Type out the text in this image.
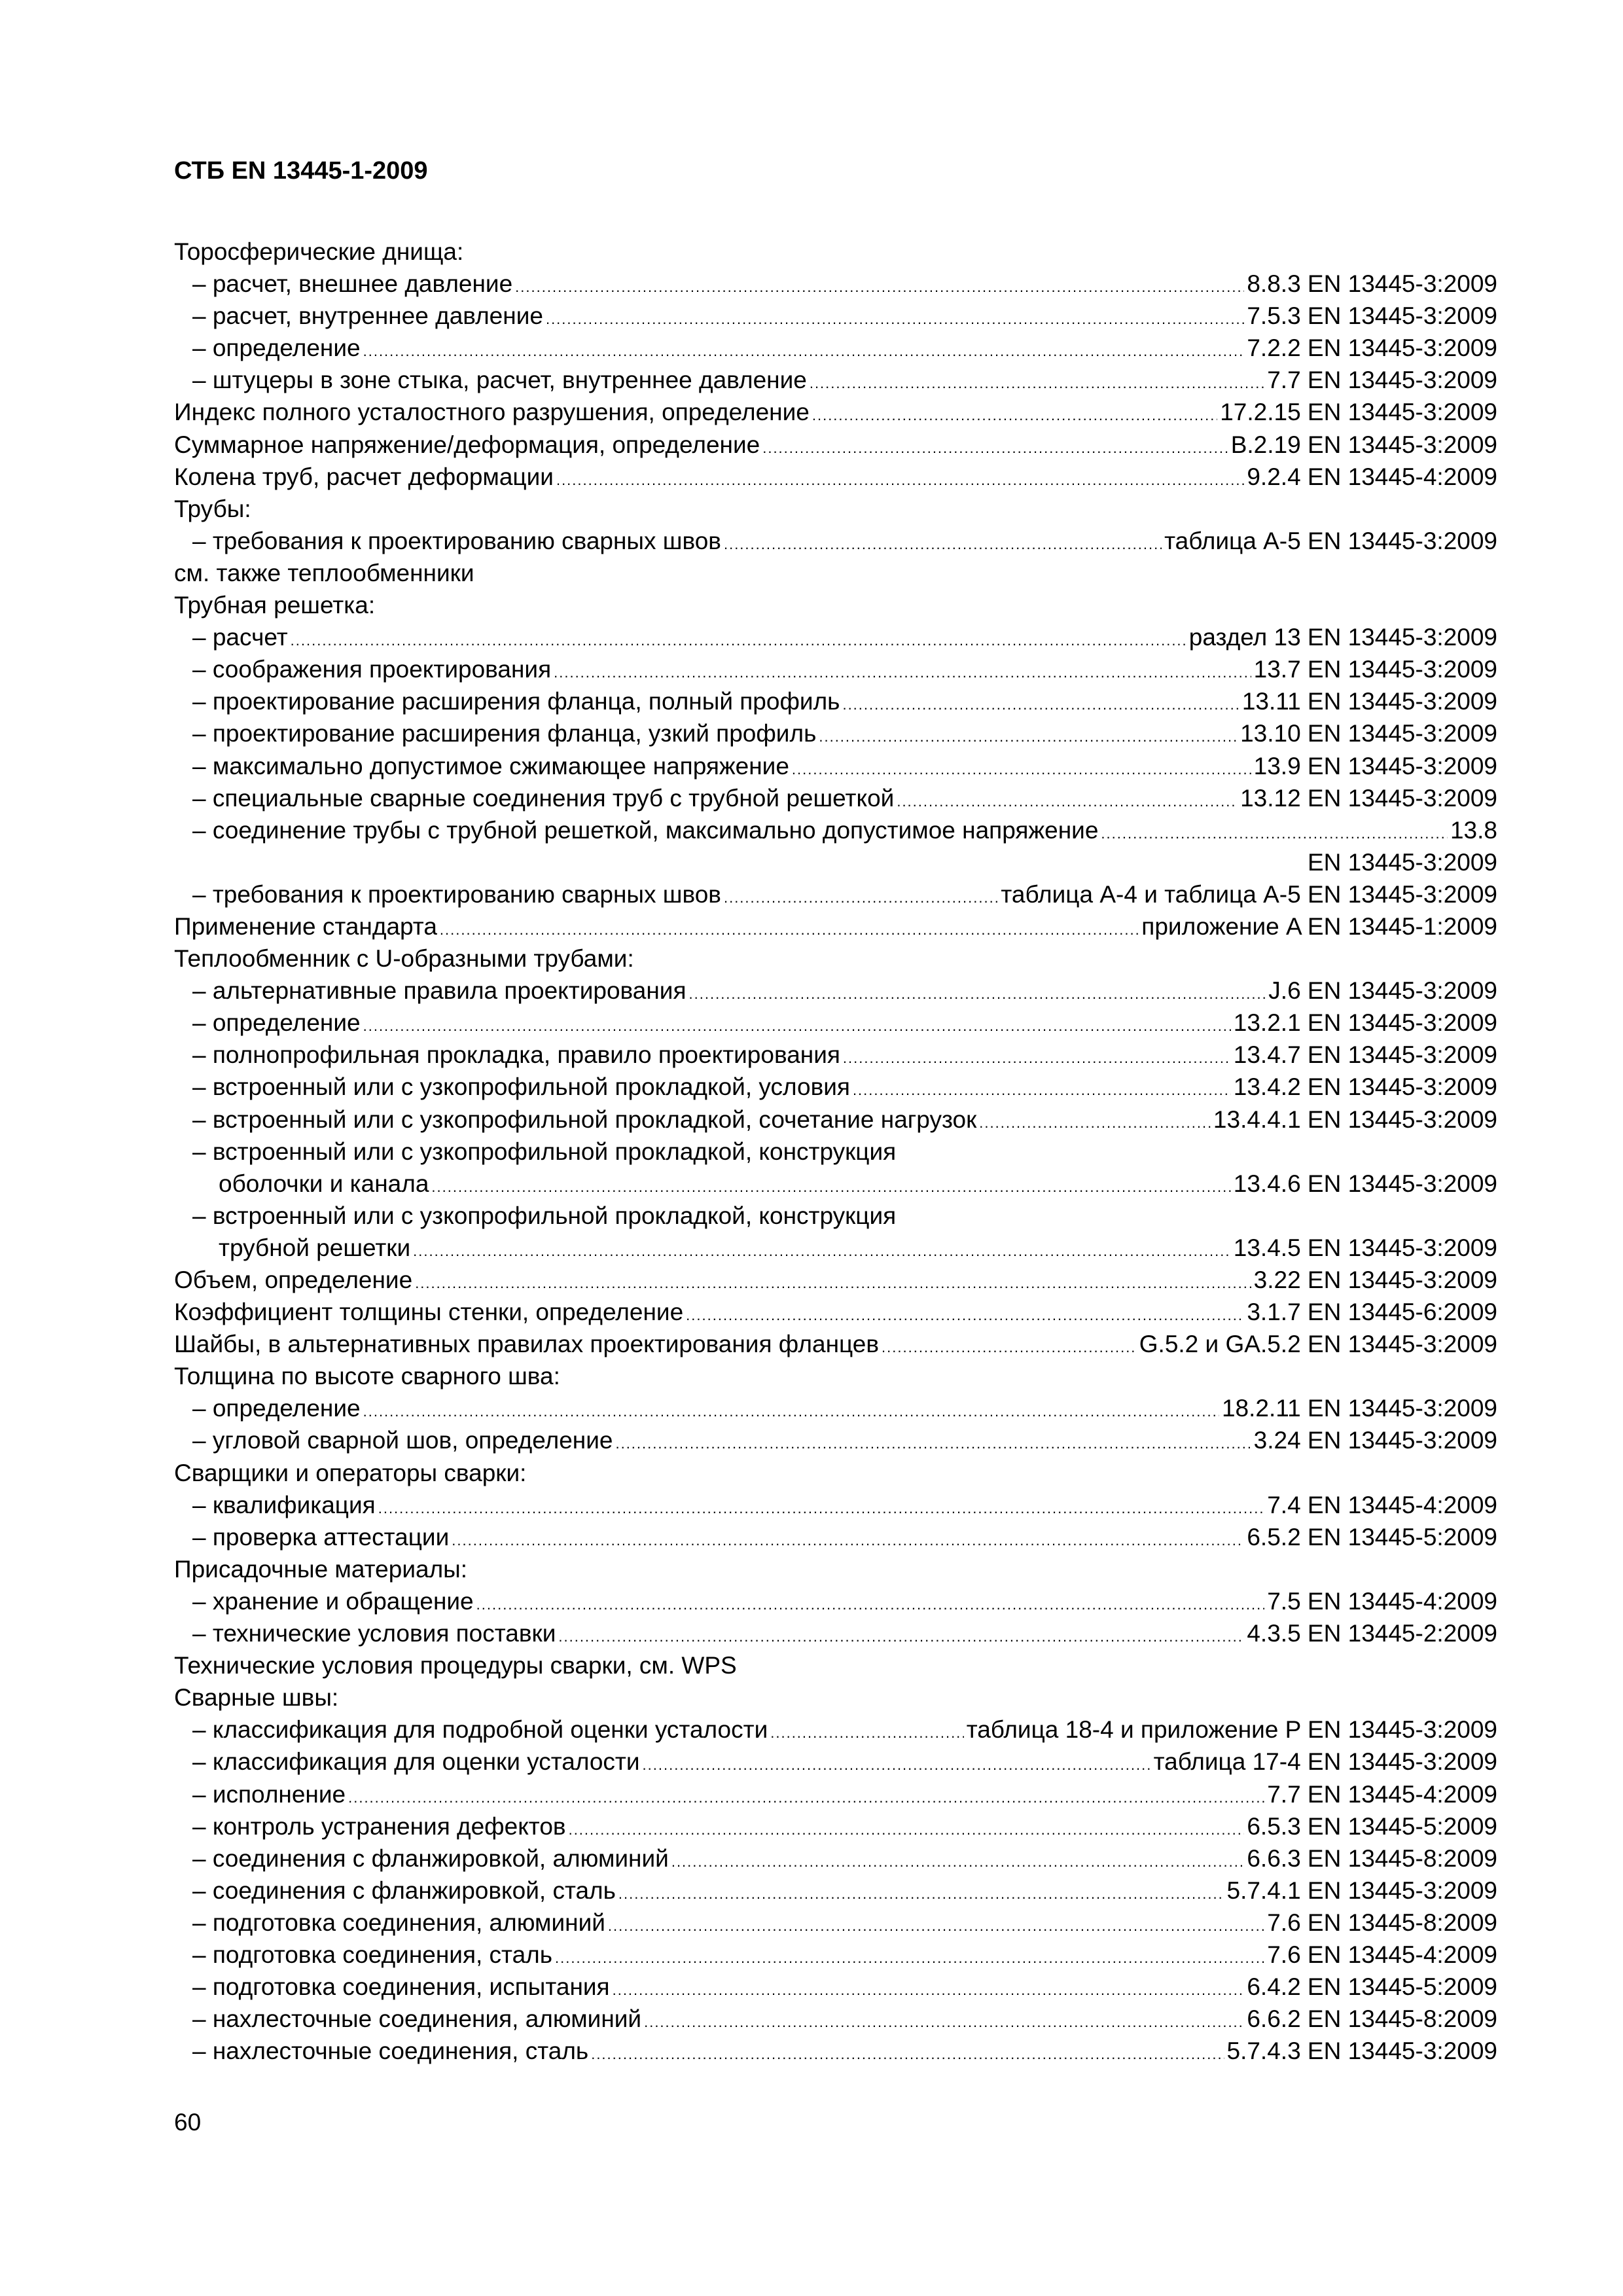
СТБ EN 13445-1-2009
Торосферические днища:
– расчет, внешнее давление .....	8.8.3 EN 13445-3:2009
– расчет, внутреннее давление .....	7.5.3 EN 13445-3:2009
– определение .....	7.2.2 EN 13445-3:2009
– штуцеры в зоне стыка, расчет, внутреннее давление .....	7.7 EN 13445-3:2009
Индекс полного усталостного разрушения, определение .....	17.2.15 EN 13445-3:2009
Суммарное напряжение/деформация, определение .....	B.2.19 EN 13445-3:2009
Колена труб, расчет деформации .....	9.2.4 EN 13445-4:2009
Трубы:
– требования к проектированию сварных швов .....	таблица A-5 EN 13445-3:2009
см. также теплообменники
Трубная решетка:
– расчет .....	раздел 13 EN 13445-3:2009
– соображения проектирования .....	13.7 EN 13445-3:2009
– проектирование расширения фланца, полный профиль .....	13.11 EN 13445-3:2009
– проектирование расширения фланца, узкий профиль .....	13.10 EN 13445-3:2009
– максимально допустимое сжимающее напряжение .....	13.9 EN 13445-3:2009
– специальные сварные соединения труб с трубной решеткой .....	13.12 EN 13445-3:2009
– соединение трубы с трубной решеткой, максимально допустимое напряжение .....	13.8
EN 13445-3:2009
– требования к проектированию сварных швов .....	таблица A-4 и таблица A-5 EN 13445-3:2009
Применение стандарта .....	приложение A EN 13445-1:2009
Теплообменник с U-образными трубами:
– альтернативные правила проектирования .....	J.6 EN 13445-3:2009
– определение .....	13.2.1 EN 13445-3:2009
– полнопрофильная прокладка, правило проектирования .....	13.4.7 EN 13445-3:2009
– встроенный или с узкопрофильной прокладкой, условия .....	13.4.2 EN 13445-3:2009
– встроенный или с узкопрофильной прокладкой, сочетание нагрузок .....	13.4.4.1 EN 13445-3:2009
– встроенный или с узкопрофильной прокладкой, конструкция
оболочки и канала .....	13.4.6 EN 13445-3:2009
– встроенный или с узкопрофильной прокладкой, конструкция
трубной решетки .....	13.4.5 EN 13445-3:2009
Объем, определение .....	3.22 EN 13445-3:2009
Коэффициент толщины стенки, определение .....	3.1.7 EN 13445-6:2009
Шайбы, в альтернативных правилах проектирования фланцев .....	G.5.2 и GA.5.2 EN 13445-3:2009
Толщина по высоте сварного шва:
– определение .....	18.2.11 EN 13445-3:2009
– угловой сварной шов, определение .....	3.24 EN 13445-3:2009
Сварщики и операторы сварки:
– квалификация .....	7.4 EN 13445-4:2009
– проверка аттестации .....	6.5.2 EN 13445-5:2009
Присадочные материалы:
– хранение и обращение .....	7.5 EN 13445-4:2009
– технические условия поставки .....	4.3.5 EN 13445-2:2009
Технические условия процедуры сварки, см. WPS
Сварные швы:
– классификация для подробной оценки усталости .....	таблица 18-4 и приложение P EN 13445-3:2009
– классификация для оценки усталости .....	таблица 17-4 EN 13445-3:2009
– исполнение .....	7.7 EN 13445-4:2009
– контроль устранения дефектов .....	6.5.3 EN 13445-5:2009
– соединения с фланжировкой, алюминий .....	6.6.3 EN 13445-8:2009
– соединения с фланжировкой, сталь .....	5.7.4.1 EN 13445-3:2009
– подготовка соединения, алюминий .....	7.6 EN 13445-8:2009
– подготовка соединения, сталь .....	7.6 EN 13445-4:2009
– подготовка соединения, испытания .....	6.4.2 EN 13445-5:2009
– нахлесточные соединения, алюминий .....	6.6.2 EN 13445-8:2009
– нахлесточные соединения, сталь .....	5.7.4.3 EN 13445-3:2009
60
